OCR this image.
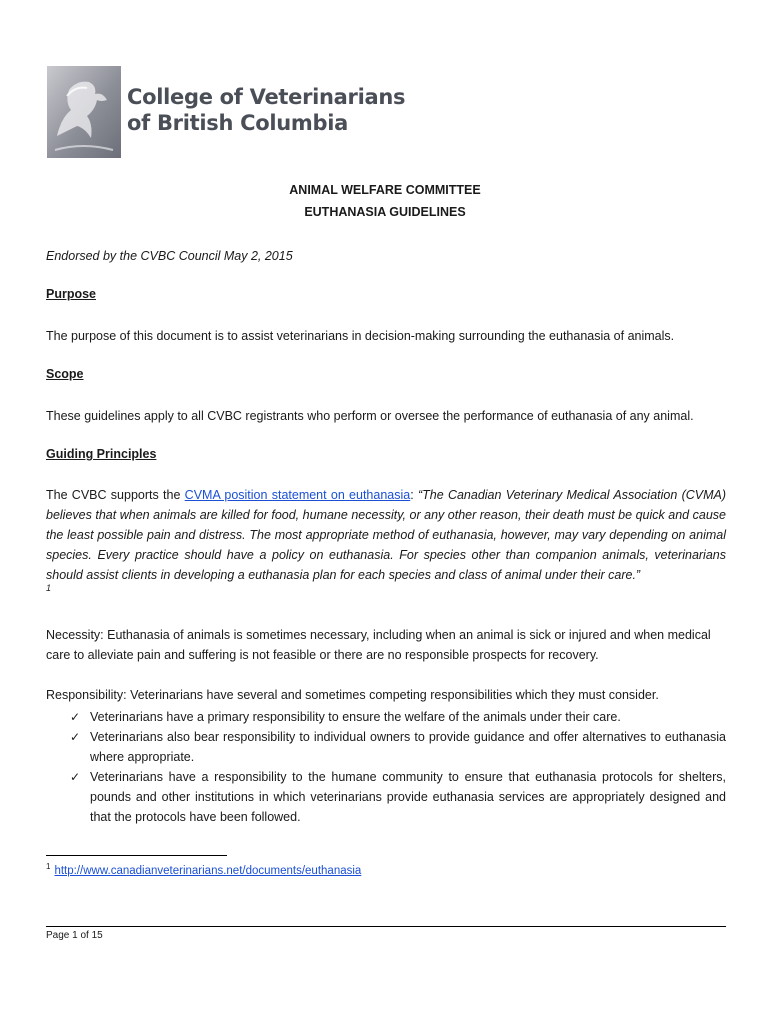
College of Veterinarians
of British Columbia
ANIMAL WELFARE COMMITTEE
EUTHANASIA GUIDELINES
Endorsed by the CVBC Council May 2, 2015
Purpose
The purpose of this document is to assist veterinarians in decision-making surrounding the euthanasia of animals.
Scope
These guidelines apply to all CVBC registrants who perform or oversee the performance of euthanasia of any animal.
Guiding Principles
The CVBC supports the CVMA position statement on euthanasia: “The Canadian Veterinary Medical Association (CVMA) believes that when animals are killed for food, humane necessity, or any other reason, their death must be quick and cause the least possible pain and distress. The most appropriate method of euthanasia, however, may vary depending on animal species. Every practice should have a policy on euthanasia. For species other than companion animals, veterinarians should assist clients in developing a euthanasia plan for each species and class of animal under their care.”
1
Necessity: Euthanasia of animals is sometimes necessary, including when an animal is sick or injured and when medical care to alleviate pain and suffering is not feasible or there are no responsible prospects for recovery.
Responsibility: Veterinarians have several and sometimes competing responsibilities which they must consider.
✓ Veterinarians have a primary responsibility to ensure the welfare of the animals under their care.
✓ Veterinarians also bear responsibility to individual owners to provide guidance and offer alternatives to euthanasia where appropriate.
✓ Veterinarians have a responsibility to the humane community to ensure that euthanasia protocols for shelters, pounds and other institutions in which veterinarians provide euthanasia services are appropriately designed and that the protocols have been followed.
$^1$ http://www.canadianveterinarians.net/documents/euthanasia
Page 1 of 15
